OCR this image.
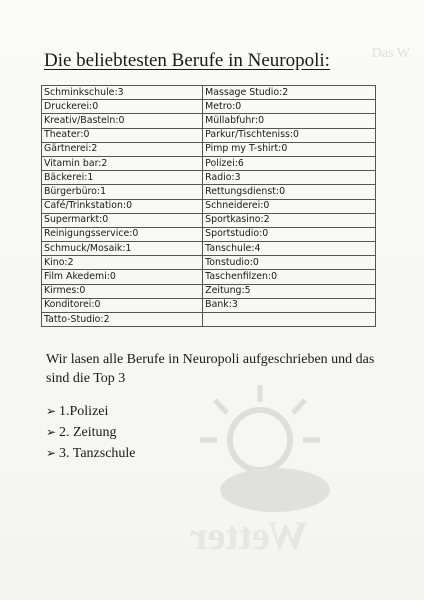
Das W
Wetter
Die beliebtesten Berufe in Neuropoli:
Schminkschule:3	Massage Studio:2
Druckerei:0	Metro:0
Kreativ/Basteln:0	Müllabfuhr:0
Theater:0	Parkur/Tischteniss:0
Gärtnerei:2	Pimp my T-shirt:0
Vitamin bar:2	Polizei:6
Bäckerei:1	Radio:3
Bürgerbüro:1	Rettungsdienst:0
Café/Trinkstation:0	Schneiderei:0
Supermarkt:0	Sportkasino:2
Reinigungsservice:0	Sportstudio:0
Schmuck/Mosaik:1	Tanschule:4
Kino:2	Tonstudio:0
Film Akedemi:0	Taschenfilzen:0
Kirmes:0	Zeitung:5
Konditorei:0	Bank:3
Tatto-Studio:2	

Wir lasen alle Berufe in Neuropoli aufgeschrieben und das sind die Top 3

➢ 1.Polizei
➢ 2. Zeitung
➢ 3. Tanzschule
